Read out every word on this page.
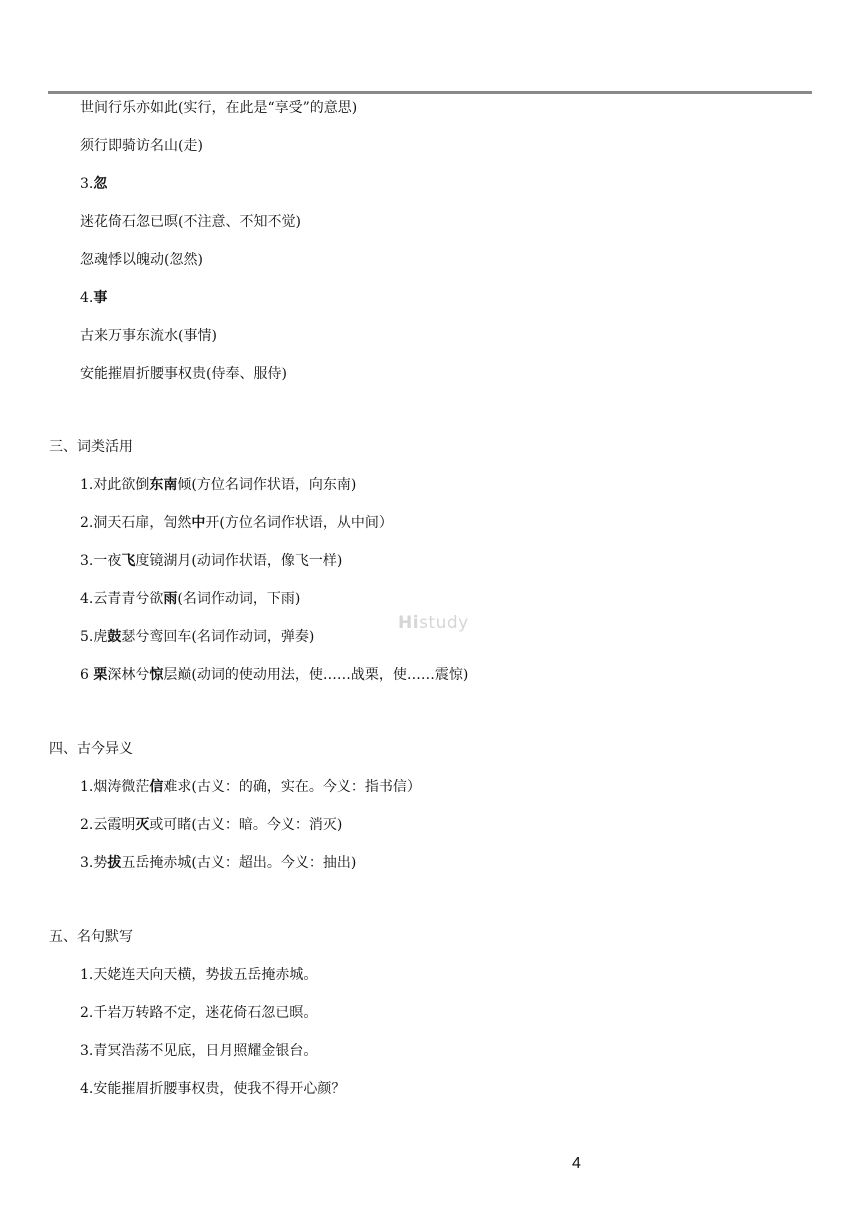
世间行乐亦如此(实行，在此是“享受”的意思)
须行即骑访名山(走)
3.忽
迷花倚石忽已暝(不注意、不知不觉)
忽魂悸以魄动(忽然)
4.事
古来万事东流水(事情)
安能摧眉折腰事权贵(侍奉、服侍)
三、词类活用
1.对此欲倒东南倾(方位名词作状语，向东南)
2.洞天石扉，訇然中开(方位名词作状语，从中间）
3.一夜飞度镜湖月(动词作状语，像飞一样)
4.云青青兮欲雨(名词作动词，下雨)
5.虎鼓瑟兮鸾回车(名词作动词，弹奏)
6 栗深林兮惊层巅(动词的使动用法，使……战栗，使……震惊)
Histudy
四、古今异义
1.烟涛微茫信难求(古义：的确，实在。今义：指书信）
2.云霞明灭或可睹(古义：暗。今义：消灭)
3.势拔五岳掩赤城(古义：超出。今义：抽出)
五、名句默写
1.天姥连天向天横，势拔五岳掩赤城。
2.千岩万转路不定，迷花倚石忽已暝。
3.青冥浩荡不见底，日月照耀金银台。
4.安能摧眉折腰事权贵，使我不得开心颜？
4
